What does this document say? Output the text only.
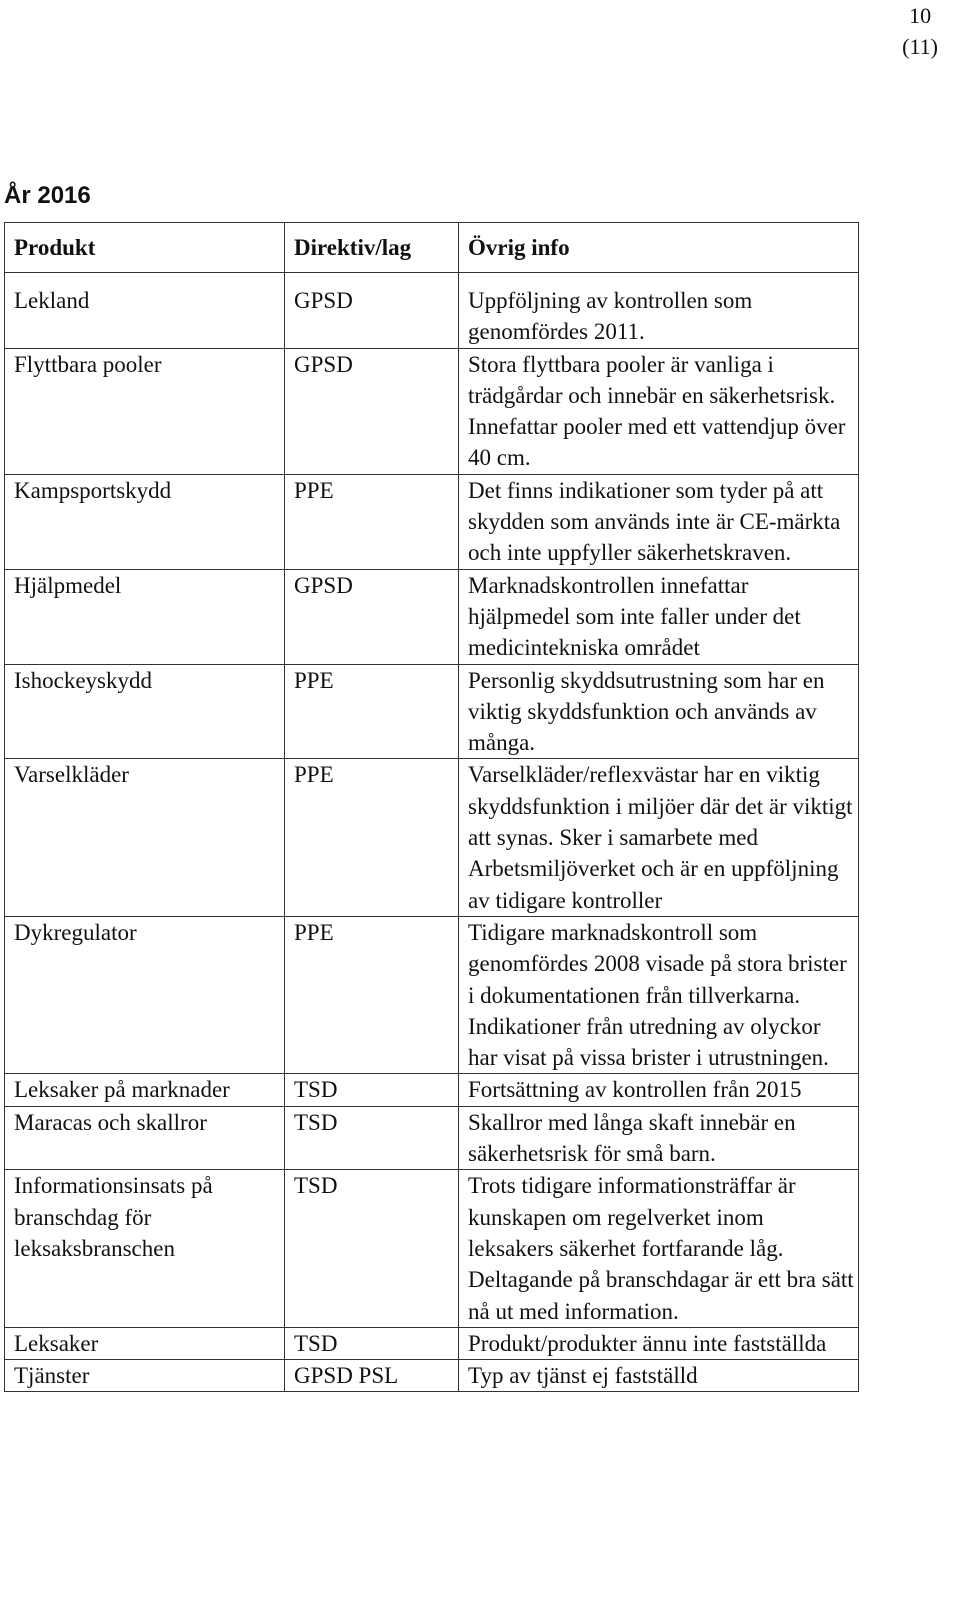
10
(11)
År 2016
Produkt	Direktiv/lag	Övrig info
Lekland	GPSD	Uppföljning av kontrollen som genomfördes 2011.
Flyttbara pooler	GPSD	Stora flyttbara pooler är vanliga i trädgårdar och innebär en säkerhetsrisk. Innefattar pooler med ett vattendjup över 40 cm.
Kampsportskydd	PPE	Det finns indikationer som tyder på att skydden som används inte är CE-märkta och inte uppfyller säkerhetskraven.
Hjälpmedel	GPSD	Marknadskontrollen innefattar hjälpmedel som inte faller under det medicintekniska området
Ishockeyskydd	PPE	Personlig skyddsutrustning som har en viktig skyddsfunktion och används av många.
Varselkläder	PPE	Varselkläder/reflexvästar har en viktig skyddsfunktion i miljöer där det är viktigt att synas. Sker i samarbete med Arbetsmiljöverket och är en uppföljning av tidigare kontroller
Dykregulator	PPE	Tidigare marknadskontroll som genomfördes 2008 visade på stora brister i dokumentationen från tillverkarna. Indikationer från utredning av olyckor har visat på vissa brister i utrustningen.
Leksaker på marknader	TSD	Fortsättning av kontrollen från 2015
Maracas och skallror	TSD	Skallror med långa skaft innebär en säkerhetsrisk för små barn.
Informationsinsats på branschdag för leksaksbranschen	TSD	Trots tidigare informationsträffar är kunskapen om regelverket inom leksakers säkerhet fortfarande låg. Deltagande på branschdagar är ett bra sätt nå ut med information.
Leksaker	TSD	Produkt/produkter ännu inte fastställda
Tjänster	GPSD PSL	Typ av tjänst ej fastställd
